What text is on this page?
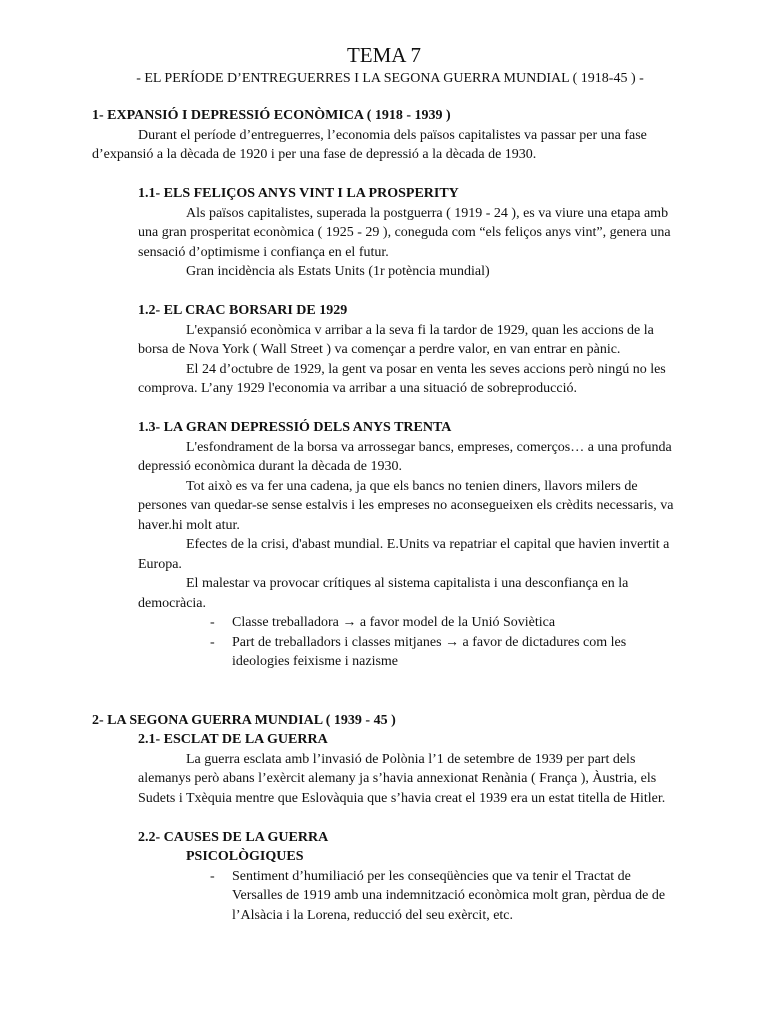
TEMA 7
- EL PERÍODE D’ENTREGUERRES I LA SEGONA GUERRA MUNDIAL ( 1918-45 ) -
1- EXPANSIÓ I DEPRESSIÓ ECONÒMICA ( 1918 - 1939 )

Durant el període d’entreguerres, l’economia dels països capitalistes va passar per una fase d’expansió a la dècada de 1920 i per una fase de depressió a la dècada de 1930.

1.1- ELS FELIÇOS ANYS VINT I LA PROSPERITY

Als països capitalistes, superada la postguerra ( 1919 - 24 ), es va viure una etapa amb una gran prosperitat econòmica ( 1925 - 29 ), coneguda com “els feliços anys vint”, genera una sensació d’optimisme i confiança en el futur.

Gran incidència als Estats Units (1r potència mundial)

1.2- EL CRAC BORSARI DE 1929

L'expansió econòmica v arribar a la seva fi la tardor de 1929, quan les accions de la borsa de Nova York ( Wall Street ) va començar a perdre valor, en van entrar en pànic.

El 24 d’octubre de 1929, la gent va posar en venta les seves accions però ningú no les comprova. L’any 1929 l'economia va arribar a una situació de sobreproducció.

1.3- LA GRAN DEPRESSIÓ DELS ANYS TRENTA

L'esfondrament de la borsa va arrossegar bancs, empreses, comerços… a una profunda depressió econòmica durant la dècada de 1930.

Tot això es va fer una cadena, ja que els bancs no tenien diners, llavors milers de persones van quedar-se sense estalvis i les empreses no aconsegueixen els crèdits necessaris, va haver.hi molt atur.

Efectes de la crisi, d'abast mundial. E.Units va repatriar el capital que havien invertit a Europa.

El malestar va provocar crítiques al sistema capitalista i una desconfiança en la democràcia.

- Classe treballadora → a favor model de la Unió Soviètica
- Part de treballadors i classes mitjanes → a favor de dictadures com les ideologies feixisme i nazisme
2- LA SEGONA GUERRA MUNDIAL ( 1939 - 45 )
2.1- ESCLAT DE LA GUERRA

La guerra esclata amb l’invasió de Polònia l’1 de setembre de 1939 per part dels alemanys però abans l’exèrcit alemany ja s’havia annexionat Renània ( França ), Àustria, els Sudets i Txèquia mentre que Eslovàquia que s’havia creat el 1939 era un estat titella de Hitler.

2.2- CAUSES DE LA GUERRA
PSICOLÒGIQUES
- Sentiment d’humiliació per les conseqüències que va tenir el Tractat de Versalles de 1919 amb una indemnització econòmica molt gran, pèrdua de de l’Alsàcia i la Lorena, reducció del seu exèrcit, etc.
